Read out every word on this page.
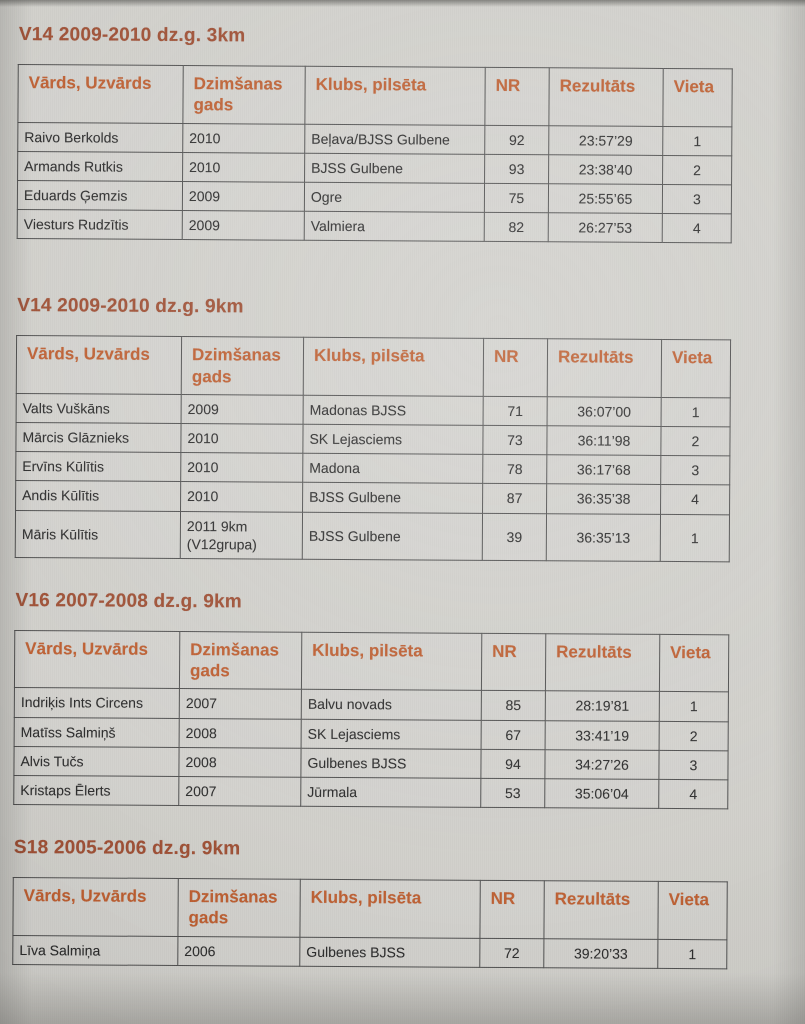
V14 2009-2010 dz.g. 3km
Vārds, Uzvārds	Dzimšanas gads	Klubs, pilsēta	NR	Rezultāts	Vieta
Raivo Berkolds	2010	Beļava/BJSS Gulbene	92	23:57’29	1
Armands Rutkis	2010	BJSS Gulbene	93	23:38’40	2
Eduards Ģemzis	2009	Ogre	75	25:55’65	3
Viesturs Rudzītis	2009	Valmiera	82	26:27’53	4
V14 2009-2010 dz.g. 9km
Vārds, Uzvārds	Dzimšanas gads	Klubs, pilsēta	NR	Rezultāts	Vieta
Valts Vuškāns	2009	Madonas BJSS	71	36:07’00	1
Mārcis Glāznieks	2010	SK Lejasciems	73	36:11’98	2
Ervīns Kūlītis	2010	Madona	78	36:17’68	3
Andis Kūlītis	2010	BJSS Gulbene	87	36:35’38	4
Māris Kūlītis	2011 9km (V12grupa)	BJSS Gulbene	39	36:35’13	1
V16 2007-2008 dz.g. 9km
Vārds, Uzvārds	Dzimšanas gads	Klubs, pilsēta	NR	Rezultāts	Vieta
Indriķis Ints Circens	2007	Balvu novads	85	28:19’81	1
Matīss Salmiņš	2008	SK Lejasciems	67	33:41’19	2
Alvis Tučs	2008	Gulbenes BJSS	94	34:27’26	3
Kristaps Ēlerts	2007	Jūrmala	53	35:06’04	4
S18 2005-2006 dz.g. 9km
Vārds, Uzvārds	Dzimšanas gads	Klubs, pilsēta	NR	Rezultāts	Vieta
Līva Salmiņa	2006	Gulbenes BJSS	72	39:20’33	1
